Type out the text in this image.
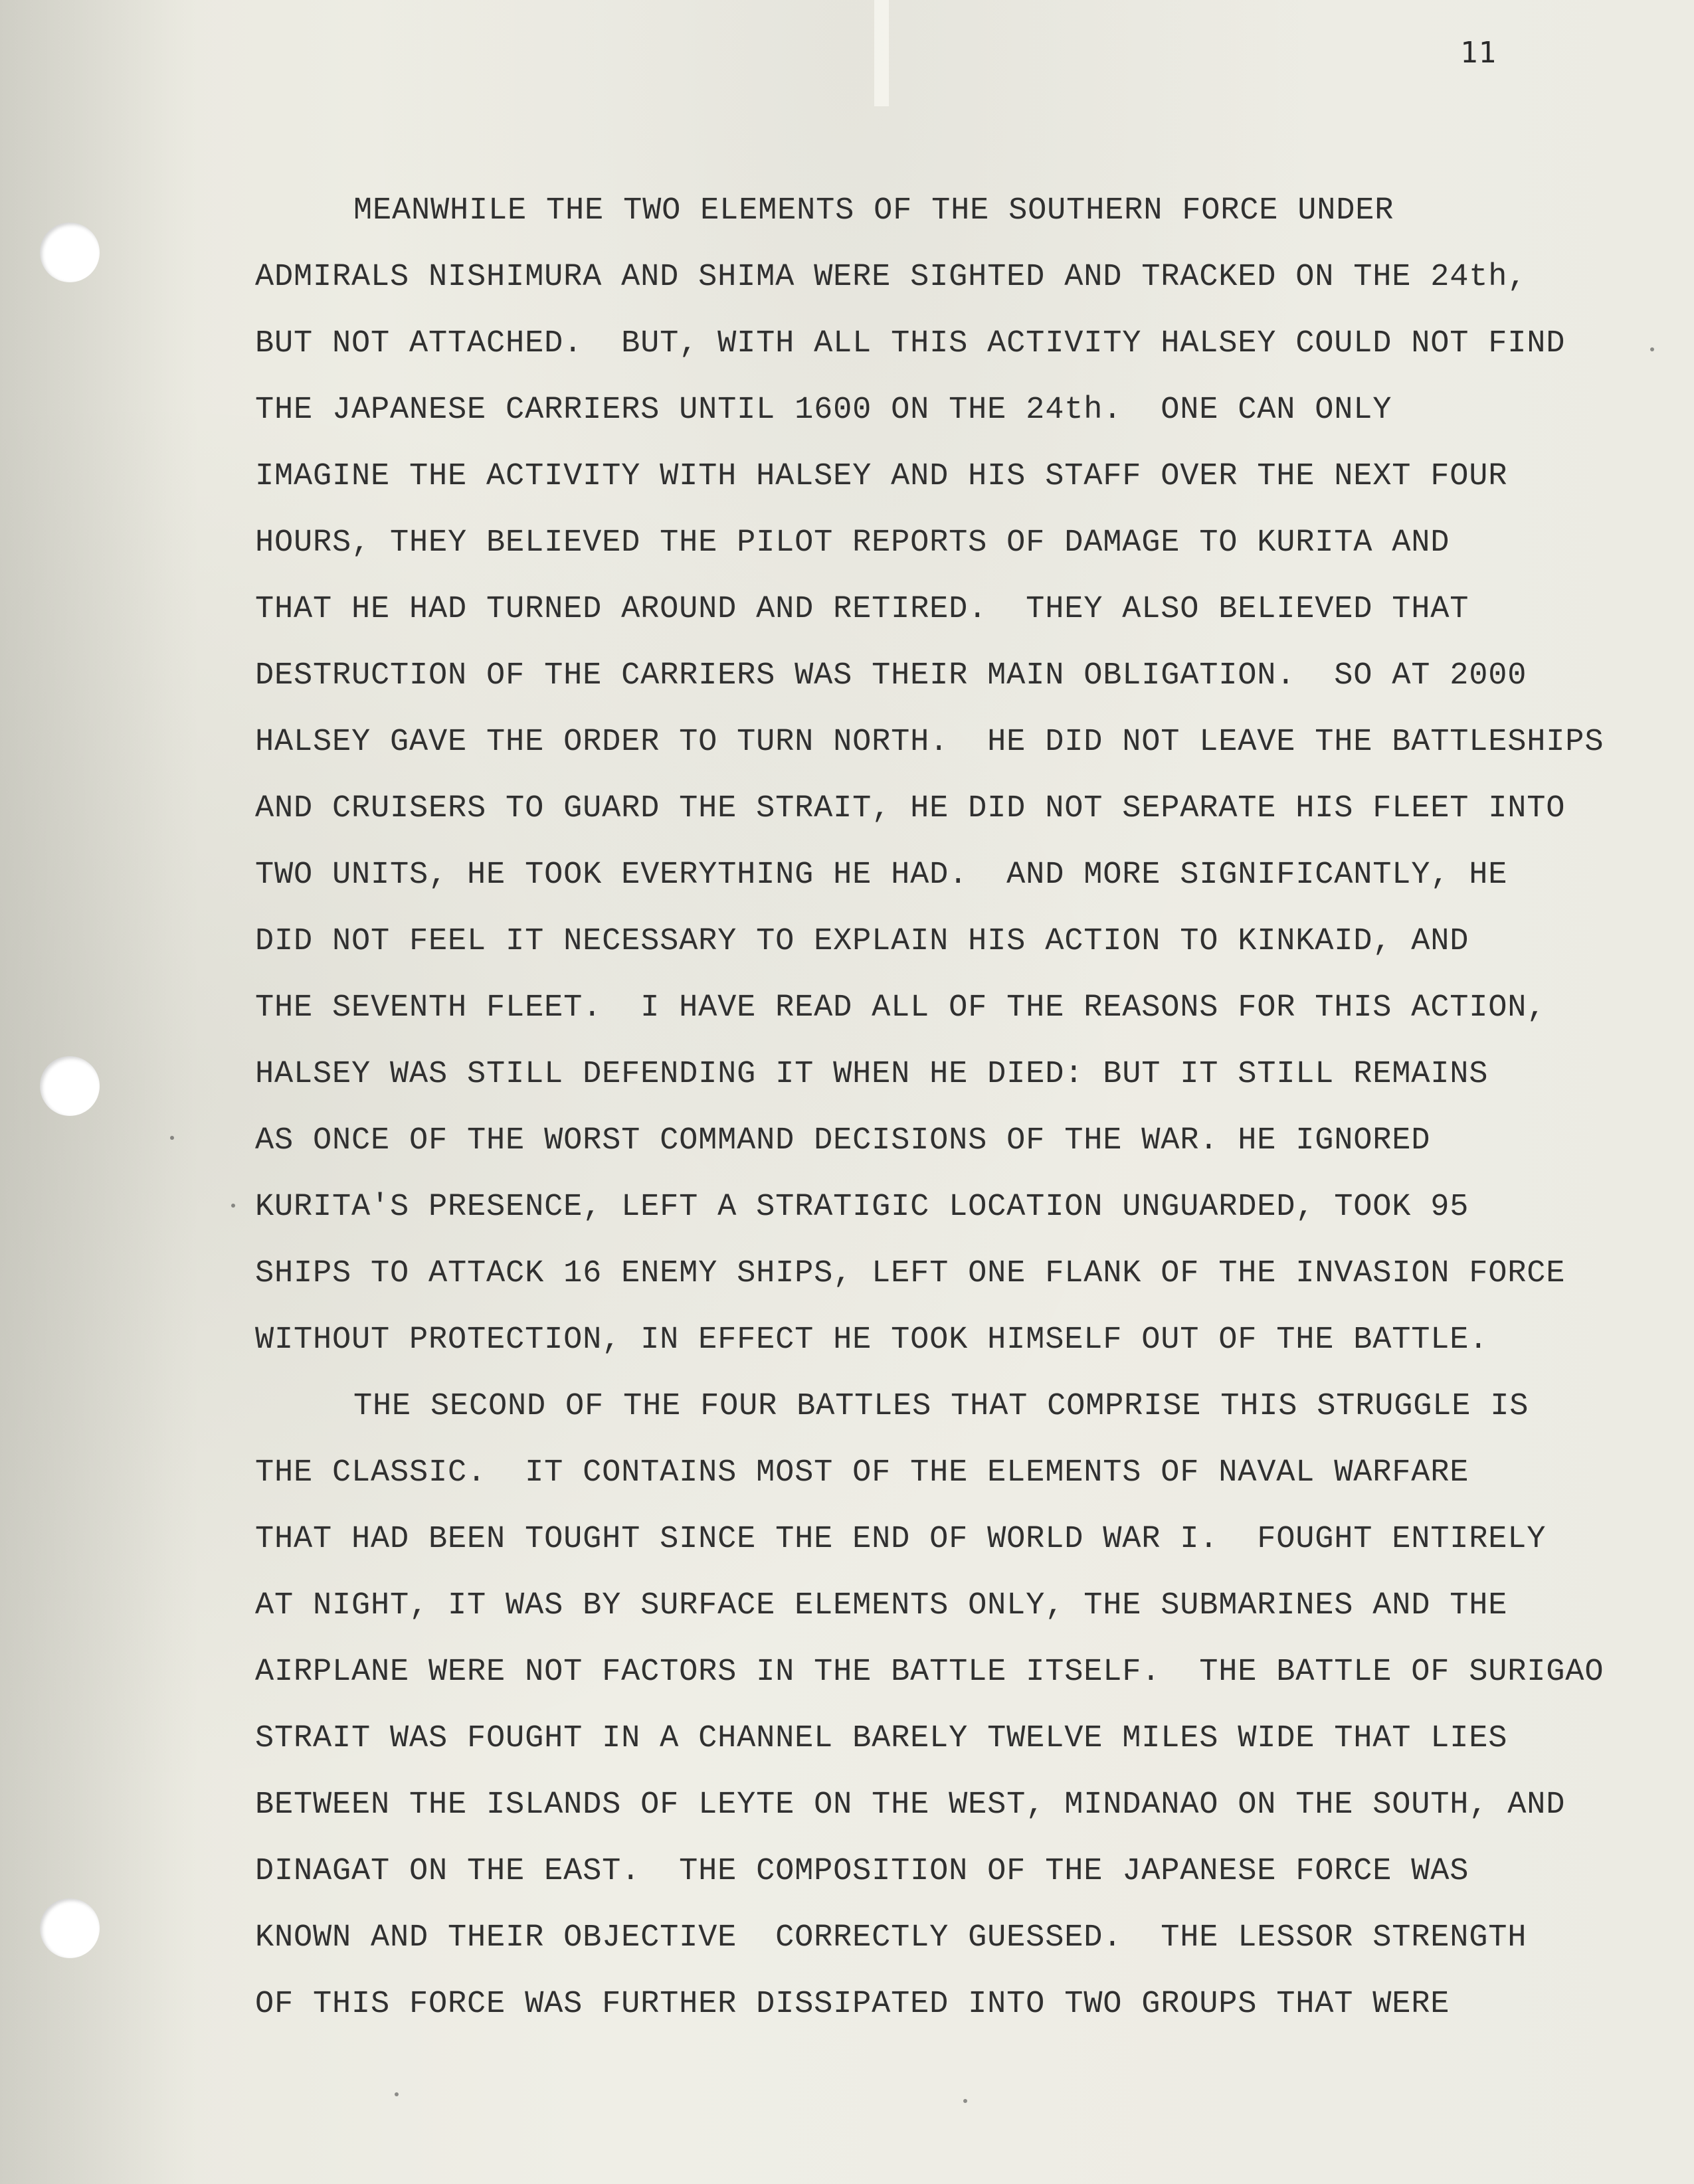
11
MEANWHILE THE TWO ELEMENTS OF THE SOUTHERN FORCE UNDER
ADMIRALS NISHIMURA AND SHIMA WERE SIGHTED AND TRACKED ON THE 24th,
BUT NOT ATTACHED.  BUT, WITH ALL THIS ACTIVITY HALSEY COULD NOT FIND
THE JAPANESE CARRIERS UNTIL 1600 ON THE 24th.  ONE CAN ONLY
IMAGINE THE ACTIVITY WITH HALSEY AND HIS STAFF OVER THE NEXT FOUR
HOURS, THEY BELIEVED THE PILOT REPORTS OF DAMAGE TO KURITA AND
THAT HE HAD TURNED AROUND AND RETIRED.  THEY ALSO BELIEVED THAT
DESTRUCTION OF THE CARRIERS WAS THEIR MAIN OBLIGATION.  SO AT 2000
HALSEY GAVE THE ORDER TO TURN NORTH.  HE DID NOT LEAVE THE BATTLESHIPS
AND CRUISERS TO GUARD THE STRAIT, HE DID NOT SEPARATE HIS FLEET INTO
TWO UNITS, HE TOOK EVERYTHING HE HAD.  AND MORE SIGNIFICANTLY, HE
DID NOT FEEL IT NECESSARY TO EXPLAIN HIS ACTION TO KINKAID, AND
THE SEVENTH FLEET.  I HAVE READ ALL OF THE REASONS FOR THIS ACTION,
HALSEY WAS STILL DEFENDING IT WHEN HE DIED: BUT IT STILL REMAINS
AS ONCE OF THE WORST COMMAND DECISIONS OF THE WAR. HE IGNORED
KURITA'S PRESENCE, LEFT A STRATIGIC LOCATION UNGUARDED, TOOK 95
SHIPS TO ATTACK 16 ENEMY SHIPS, LEFT ONE FLANK OF THE INVASION FORCE
WITHOUT PROTECTION, IN EFFECT HE TOOK HIMSELF OUT OF THE BATTLE.
THE SECOND OF THE FOUR BATTLES THAT COMPRISE THIS STRUGGLE IS
THE CLASSIC.  IT CONTAINS MOST OF THE ELEMENTS OF NAVAL WARFARE
THAT HAD BEEN TOUGHT SINCE THE END OF WORLD WAR I.  FOUGHT ENTIRELY
AT NIGHT, IT WAS BY SURFACE ELEMENTS ONLY, THE SUBMARINES AND THE
AIRPLANE WERE NOT FACTORS IN THE BATTLE ITSELF.  THE BATTLE OF SURIGAO
STRAIT WAS FOUGHT IN A CHANNEL BARELY TWELVE MILES WIDE THAT LIES
BETWEEN THE ISLANDS OF LEYTE ON THE WEST, MINDANAO ON THE SOUTH, AND
DINAGAT ON THE EAST.  THE COMPOSITION OF THE JAPANESE FORCE WAS
KNOWN AND THEIR OBJECTIVE  CORRECTLY GUESSED.  THE LESSOR STRENGTH
OF THIS FORCE WAS FURTHER DISSIPATED INTO TWO GROUPS THAT WERE
